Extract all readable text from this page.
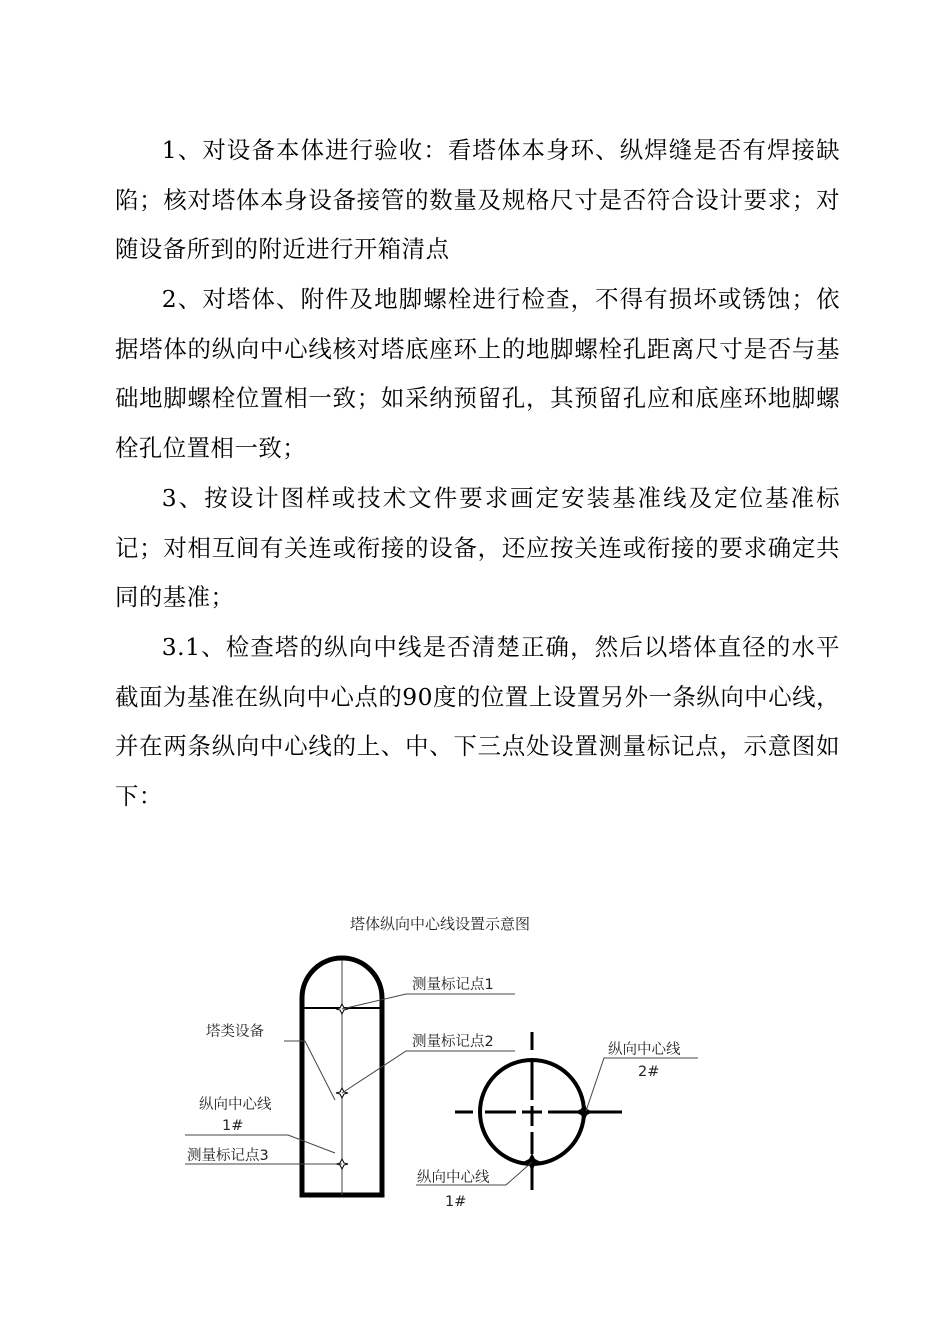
1、对设备本体进行验收：看塔体本身环、纵焊缝是否有焊接缺陷；核对塔体本身设备接管的数量及规格尺寸是否符合设计要求；对随设备所到的附近进行开箱清点

2、对塔体、附件及地脚螺栓进行检查，不得有损坏或锈蚀；依据塔体的纵向中心线核对塔底座环上的地脚螺栓孔距离尺寸是否与基础地脚螺栓位置相一致；如采纳预留孔，其预留孔应和底座环地脚螺栓孔位置相一致；

3、按设计图样或技术文件要求画定安装基准线及定位基准标记；对相互间有关连或衔接的设备，还应按关连或衔接的要求确定共同的基准；

3.1、检查塔的纵向中线是否清楚正确，然后以塔体直径的水平截面为基准在纵向中心点的90度的位置上设置另外一条纵向中心线，并在两条纵向中心线的上、中、下三点处设置测量标记点，示意图如下：

塔体纵向中心线设置示意图
测量标记点1
测量标记点2
塔类设备
纵向中心线
1#
测量标记点3
纵向中心线
2#
纵向中心线
1#
